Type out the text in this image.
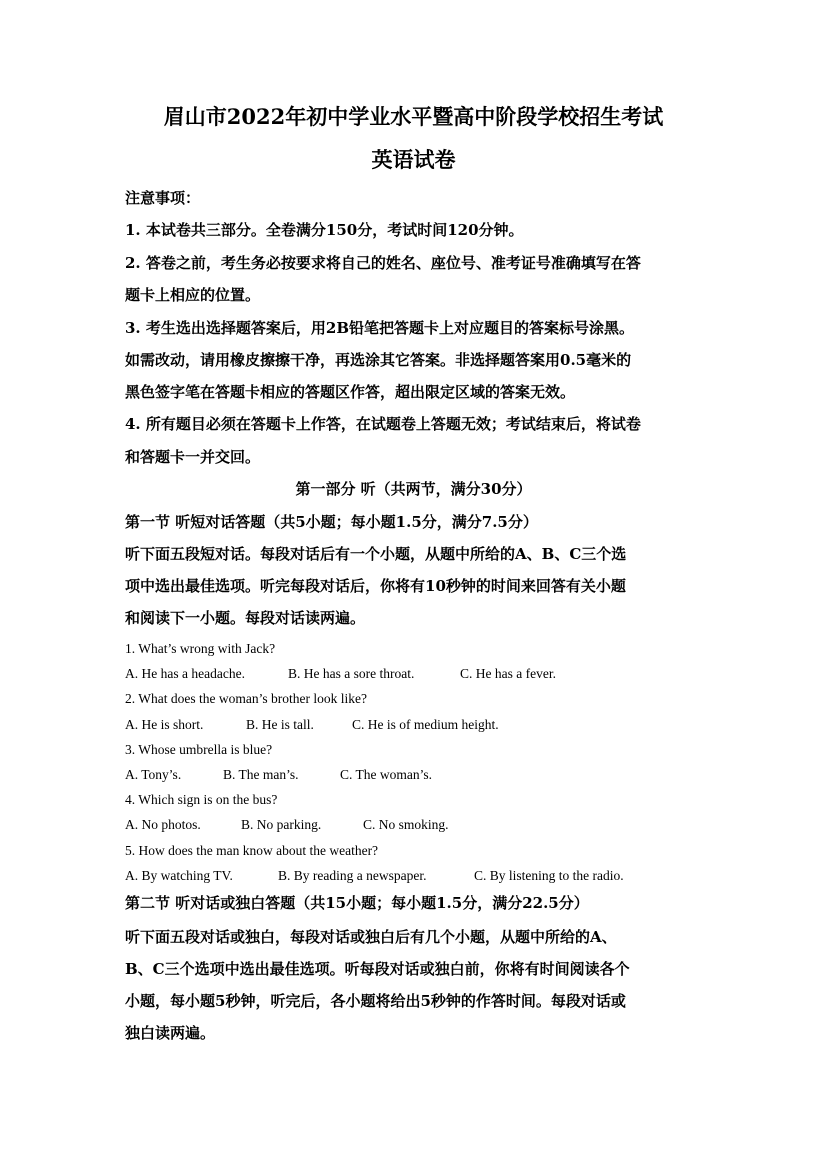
眉山市2022年初中学业水平暨高中阶段学校招生考试
英语试卷
注意事项：
1. 本试卷共三部分。全卷满分150分，考试时间120分钟。
2. 答卷之前，考生务必按要求将自己的姓名、座位号、准考证号准确填写在答
题卡上相应的位置。
3. 考生选出选择题答案后，用2B铅笔把答题卡上对应题目的答案标号涂黑。
如需改动，请用橡皮擦擦干净，再选涂其它答案。非选择题答案用0.5毫米的
黑色签字笔在答题卡相应的答题区作答，超出限定区域的答案无效。
4. 所有题目必须在答题卡上作答，在试题卷上答题无效；考试结束后，将试卷
和答题卡一并交回。
第一部分 听（共两节，满分30分）
第一节 听短对话答题（共5小题；每小题1.5分，满分7.5分）
听下面五段短对话。每段对话后有一个小题，从题中所给的A、B、C三个选
项中选出最佳选项。听完每段对话后，你将有10秒钟的时间来回答有关小题
和阅读下一小题。每段对话读两遍。
1. What’s wrong with Jack?
A. He has a headache.	B. He has a sore throat.	C. He has a fever.
2. What does the woman’s brother look like?
A. He is short.	B. He is tall.	C. He is of medium height.
3. Whose umbrella is blue?
A. Tony’s.	B. The man’s.	C. The woman’s.
4. Which sign is on the bus?
A. No photos.	B. No parking.	C. No smoking.
5. How does the man know about the weather?
A. By watching TV.	B. By reading a newspaper.	C. By listening to the radio.
第二节 听对话或独白答题（共15小题；每小题1.5分，满分22.5分）
听下面五段对话或独白，每段对话或独白后有几个小题，从题中所给的A、
B、C三个选项中选出最佳选项。听每段对话或独白前，你将有时间阅读各个
小题，每小题5秒钟，听完后，各小题将给出5秒钟的作答时间。每段对话或
独白读两遍。
